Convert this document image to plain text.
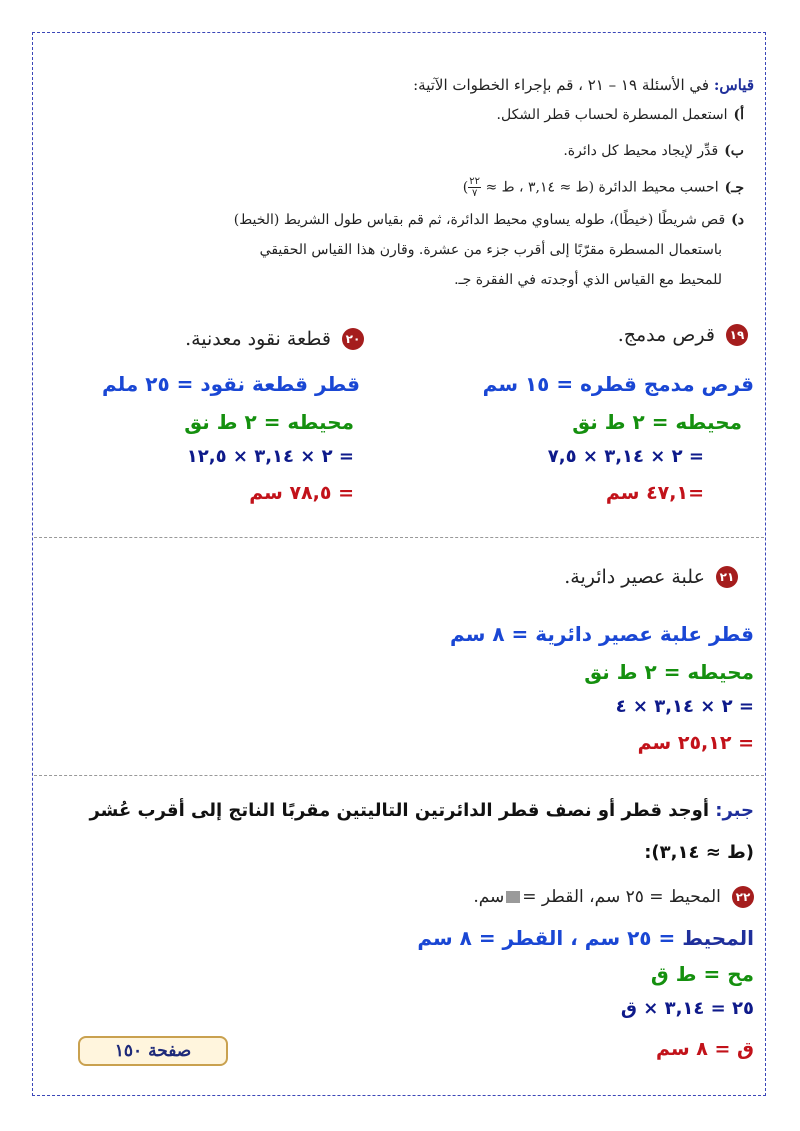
قياس: في الأسئلة ١٩ – ٢١ ، قم بإجراء الخطوات الآتية:
أ)استعمل المسطرة لحساب قطر الشكل.
ب)قدِّر لإيجاد محيط كل دائرة.
جـ)احسب محيط الدائرة (ط ≈ ٣,١٤ ، ط ≈
$\frac{٢٢}{٧}$
)
د)قص شريطًا (خيطًا)، طوله يساوي محيط الدائرة، ثم قم بقياس طول الشريط (الخيط)
باستعمال المسطرة مقرّبًا إلى أقرب جزء من عشرة. وقارن هذا القياس الحقيقي
للمحيط مع القياس الذي أوجدته في الفقرة جـ.
١٩ قرص مدمج.
قرص مدمج قطره = ١٥ سم
محيطه = ٢ ط نق
= ٢ × ٣,١٤ × ٧,٥
=٤٧,١ سم
٢٠ قطعة نقود معدنية.
قطر قطعة نقود = ٢٥ ملم
محيطه = ٢ ط نق
= ٢ × ٣,١٤ × ١٢,٥
= ٧٨,٥ سم
٢١ علبة عصير دائرية.
قطر علبة عصير دائرية = ٨ سم
محيطه = ٢ ط نق
= ٢ × ٣,١٤ × ٤
= ٢٥,١٢ سم
جبر: أوجد قطر أو نصف قطر الدائرتين التاليتين مقربًا الناتج إلى أقرب عُشر
(ط ≈ ٣,١٤):
٢٢ المحيط = ٢٥ سم، القطر =سم.
المحيط = ٢٥ سم ، القطر = ٨ سم
مح = ط ق
٢٥ = ٣,١٤ × ق
ق = ٨ سم
صفحة ١٥٠
